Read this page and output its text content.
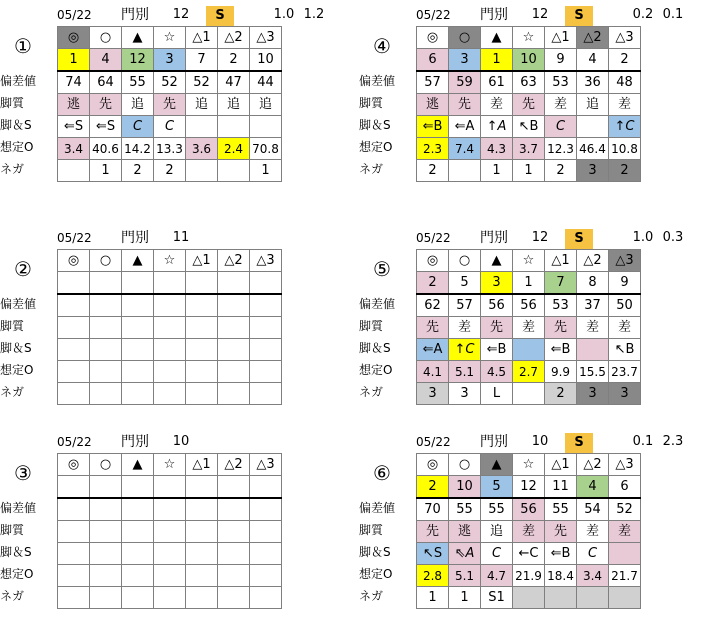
①
05/22	門別	12	S	1.0 1.2
偏差値
脚質
脚＆S
想定O
ネガ
◎	○	▲	☆	△1	△2	△3
1	4	12	3	7	2	10
74	64	55	52	52	47	44
逃	先	追	先	追	追	追
⇐S	⇐S	C	C			
3.4	40.6	14.2	13.3	3.6	2.4	70.8
	1	2	2			1
④
05/22	門別	12	S	0.2 0.1
偏差値
脚質
脚＆S
想定O
ネガ
◎	○	▲	☆	△1	△2	△3
6	3	1	10	9	4	2
57	59	61	63	53	36	48
逃	先	差	先	差	追	差
⇐B	⇐A	↑A	↖B	C		↑C
2.3	7.4	4.3	3.7	12.3	46.4	10.8
2		1	1	2	3	2
②
05/22	門別	11
偏差値
脚質
脚＆S
想定O
ネガ
◎	○	▲	☆	△1	△2	△3

							⑤
05/22	門別	12	S	1.0 0.3
偏差値
脚質
脚＆S
想定O
ネガ
◎	○	▲	☆	△1	△2	△3
2	5	3	1	7	8	9
62	57	56	56	53	37	50
先	差	先	差	先	差	差
⇐A	↑C	⇐B		⇐B		↖B
4.1	5.1	4.5	2.7	9.9	15.5	23.7
3	3	L		2	3	3
③
05/22	門別	10
偏差値
脚質
脚＆S
想定O
ネガ
◎	○	▲	☆	△1	△2	△3

							⑥
05/22	門別	10	S	0.1 2.3
偏差値
脚質
脚＆S
想定O
ネガ
◎	○	▲	☆	△1	△2	△3
2	10	5	12	11	4	6
70	55	55	56	55	54	52
先	逃	追	差	先	差	差
↖S	⇖A	C	←C	⇐B	C	
2.8	5.1	4.7	21.9	18.4	3.4	21.7
1	1	S1				
